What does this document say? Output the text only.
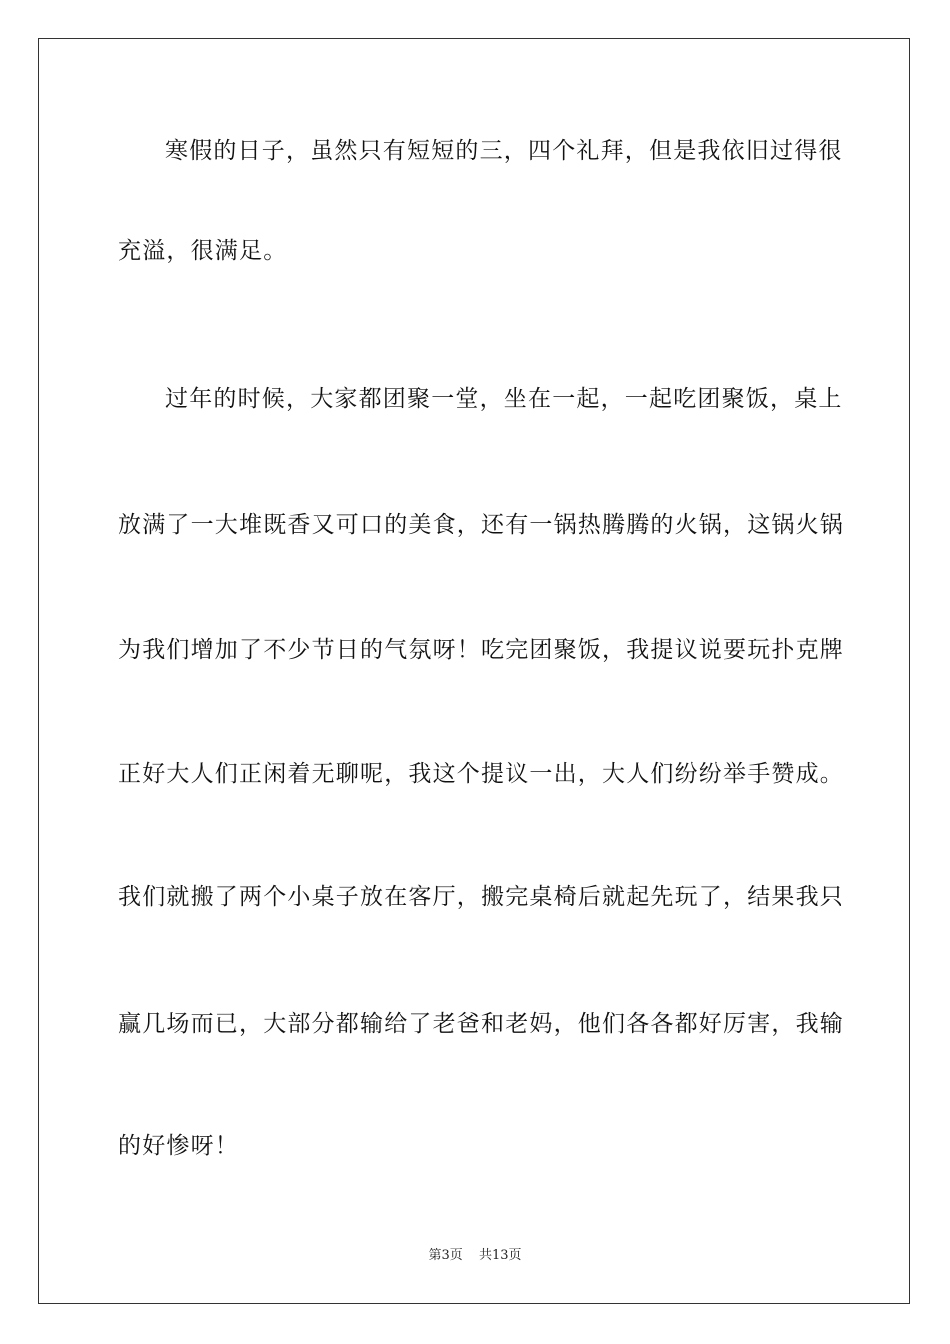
寒假的日子，虽然只有短短的三，四个礼拜，但是我依旧过得很
充溢，很满足。
过年的时候，大家都团聚一堂，坐在一起，一起吃团聚饭，桌上
放满了一大堆既香又可口的美食，还有一锅热腾腾的火锅，这锅火锅
为我们增加了不少节日的气氛呀！吃完团聚饭，我提议说要玩扑克牌
正好大人们正闲着无聊呢，我这个提议一出，大人们纷纷举手赞成。
我们就搬了两个小桌子放在客厅，搬完桌椅后就起先玩了，结果我只
赢几场而已，大部分都输给了老爸和老妈，他们各各都好厉害，我输
的好惨呀！
第3页 共13页
